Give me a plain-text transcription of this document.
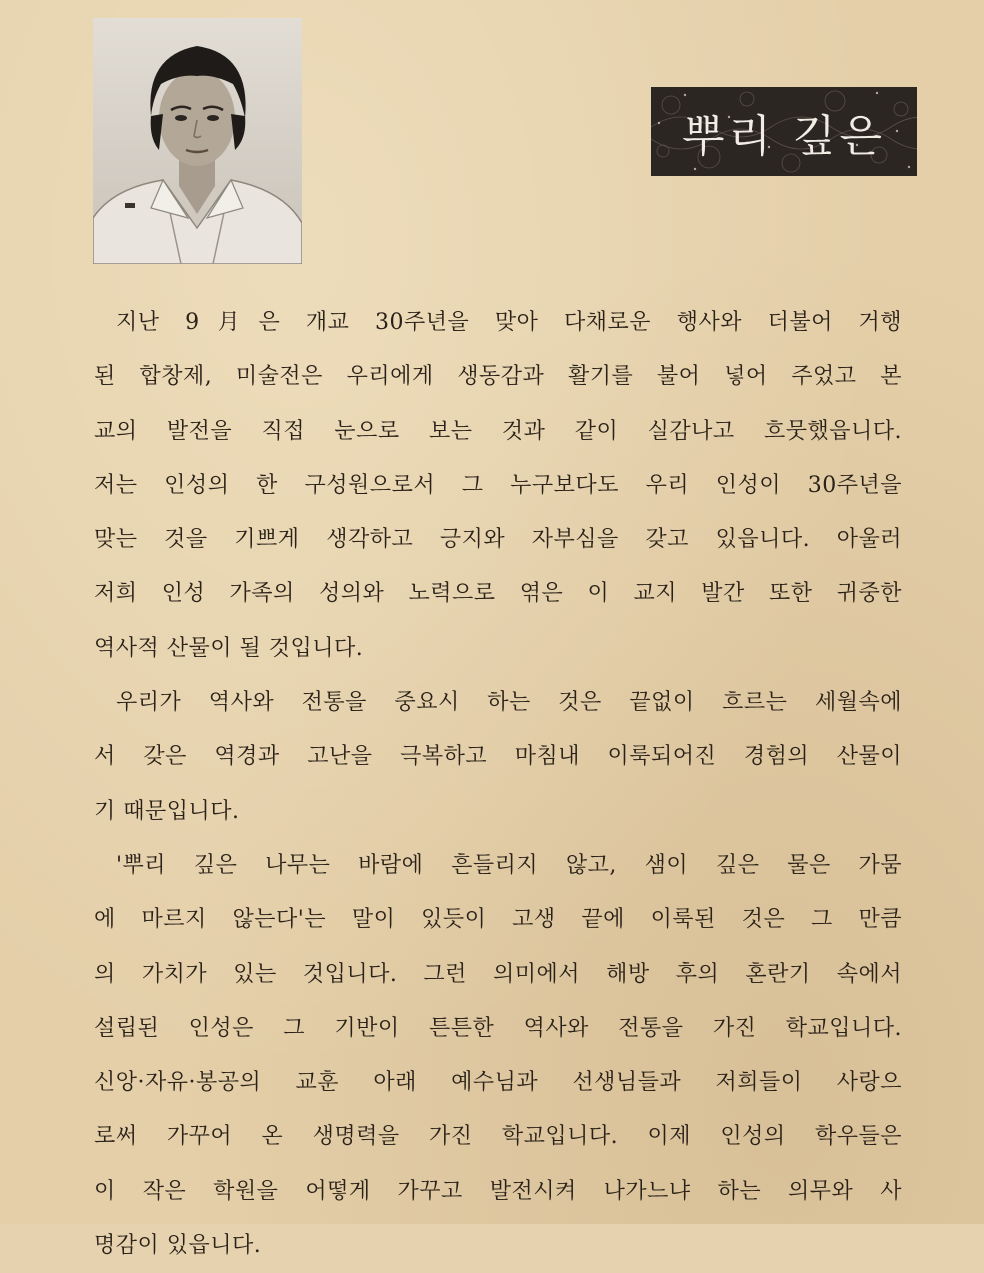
뿌리 깊은
지난 9月은 개교 30주년을 맞아 다채로운 행사와 더불어 거행
된 합창제, 미술전은 우리에게 생동감과 활기를 불어 넣어 주었고 본
교의 발전을 직접 눈으로 보는 것과 같이 실감나고 흐뭇했읍니다.
저는 인성의 한 구성원으로서 그 누구보다도 우리 인성이 30주년을
맞는 것을 기쁘게 생각하고 긍지와 자부심을 갖고 있읍니다. 아울러
저희 인성 가족의 성의와 노력으로 엮은 이 교지 발간 또한 귀중한
역사적 산물이 될 것입니다.
우리가 역사와 전통을 중요시 하는 것은 끝없이 흐르는 세월속에
서 갖은 역경과 고난을 극복하고 마침내 이룩되어진 경험의 산물이
기 때문입니다.
'뿌리 깊은 나무는 바람에 흔들리지 않고, 샘이 깊은 물은 가뭄
에 마르지 않는다'는 말이 있듯이 고생 끝에 이룩된 것은 그 만큼
의 가치가 있는 것입니다. 그런 의미에서 해방 후의 혼란기 속에서
설립된 인성은 그 기반이 튼튼한 역사와 전통을 가진 학교입니다.
신앙·자유·봉공의 교훈 아래 예수님과 선생님들과 저희들이 사랑으
로써 가꾸어 온 생명력을 가진 학교입니다. 이제 인성의 학우들은
이 작은 학원을 어떻게 가꾸고 발전시켜 나가느냐 하는 의무와 사
명감이 있읍니다.
